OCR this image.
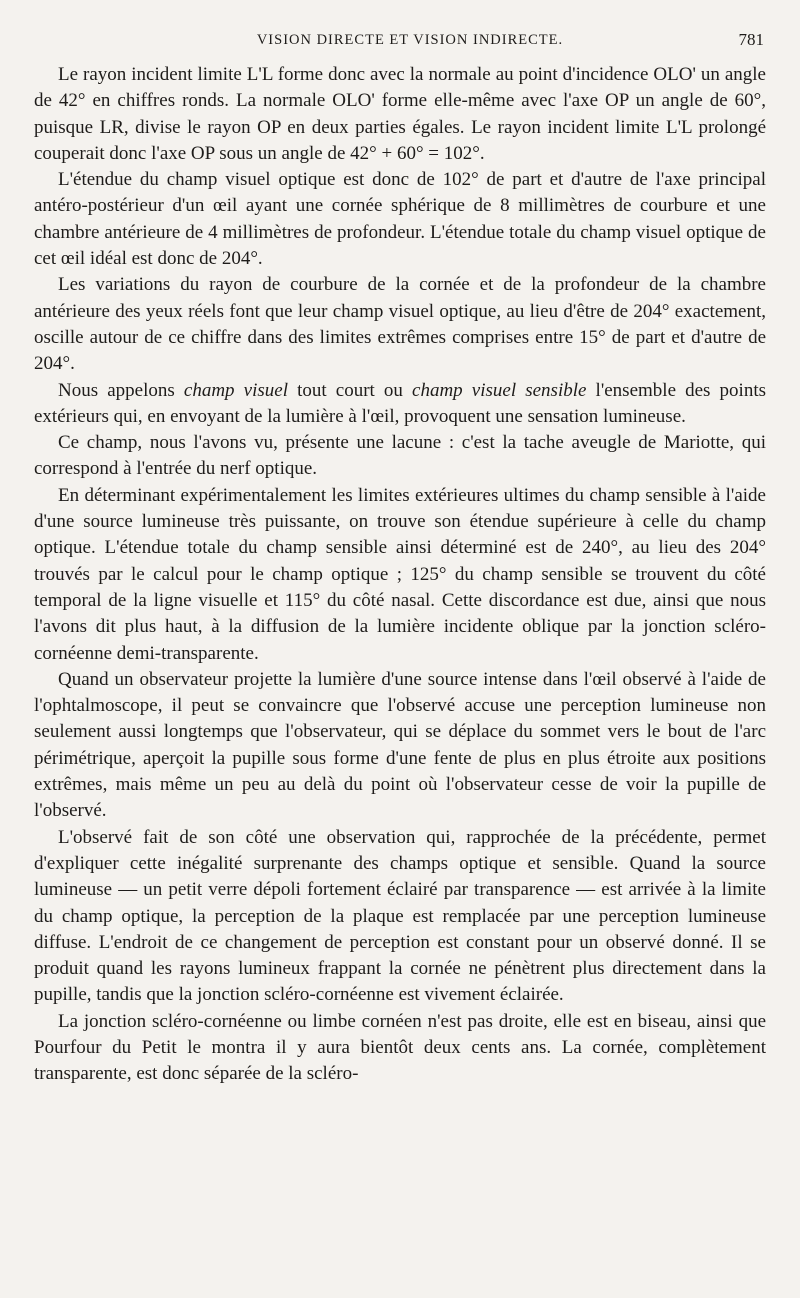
VISION DIRECTE ET VISION INDIRECTE.	781

Le rayon incident limite L'L forme donc avec la normale au point d'incidence OLO' un angle de 42° en chiffres ronds. La normale OLO' forme elle-même avec l'axe OP un angle de 60°, puisque LR, divise le rayon OP en deux parties égales. Le rayon incident limite L'L prolongé couperait donc l'axe OP sous un angle de 42° + 60° = 102°.

L'étendue du champ visuel optique est donc de 102° de part et d'autre de l'axe principal antéro-postérieur d'un œil ayant une cornée sphérique de 8 millimètres de courbure et une chambre antérieure de 4 millimètres de profondeur. L'étendue totale du champ visuel optique de cet œil idéal est donc de 204°.

Les variations du rayon de courbure de la cornée et de la profondeur de la chambre antérieure des yeux réels font que leur champ visuel optique, au lieu d'être de 204° exactement, oscille autour de ce chiffre dans des limites extrêmes comprises entre 15° de part et d'autre de 204°.

Nous appelons champ visuel tout court ou champ visuel sensible l'ensemble des points extérieurs qui, en envoyant de la lumière à l'œil, provoquent une sensation lumineuse.

Ce champ, nous l'avons vu, présente une lacune : c'est la tache aveugle de Mariotte, qui correspond à l'entrée du nerf optique.

En déterminant expérimentalement les limites extérieures ultimes du champ sensible à l'aide d'une source lumineuse très puissante, on trouve son étendue supérieure à celle du champ optique. L'étendue totale du champ sensible ainsi déterminé est de 240°, au lieu des 204° trouvés par le calcul pour le champ optique ; 125° du champ sensible se trouvent du côté temporal de la ligne visuelle et 115° du côté nasal. Cette discordance est due, ainsi que nous l'avons dit plus haut, à la diffusion de la lumière incidente oblique par la jonction scléro-cornéenne demi-transparente.

Quand un observateur projette la lumière d'une source intense dans l'œil observé à l'aide de l'ophtalmoscope, il peut se convaincre que l'observé accuse une perception lumineuse non seulement aussi longtemps que l'observateur, qui se déplace du sommet vers le bout de l'arc périmétrique, aperçoit la pupille sous forme d'une fente de plus en plus étroite aux positions extrêmes, mais même un peu au delà du point où l'observateur cesse de voir la pupille de l'observé.

L'observé fait de son côté une observation qui, rapprochée de la précédente, permet d'expliquer cette inégalité surprenante des champs optique et sensible. Quand la source lumineuse — un petit verre dépoli fortement éclairé par transparence — est arrivée à la limite du champ optique, la perception de la plaque est remplacée par une perception lumineuse diffuse. L'endroit de ce changement de perception est constant pour un observé donné. Il se produit quand les rayons lumineux frappant la cornée ne pénètrent plus directement dans la pupille, tandis que la jonction scléro-cornéenne est vivement éclairée.

La jonction scléro-cornéenne ou limbe cornéen n'est pas droite, elle est en biseau, ainsi que Pourfour du Petit le montra il y aura bientôt deux cents ans. La cornée, complètement transparente, est donc séparée de la scléro-
